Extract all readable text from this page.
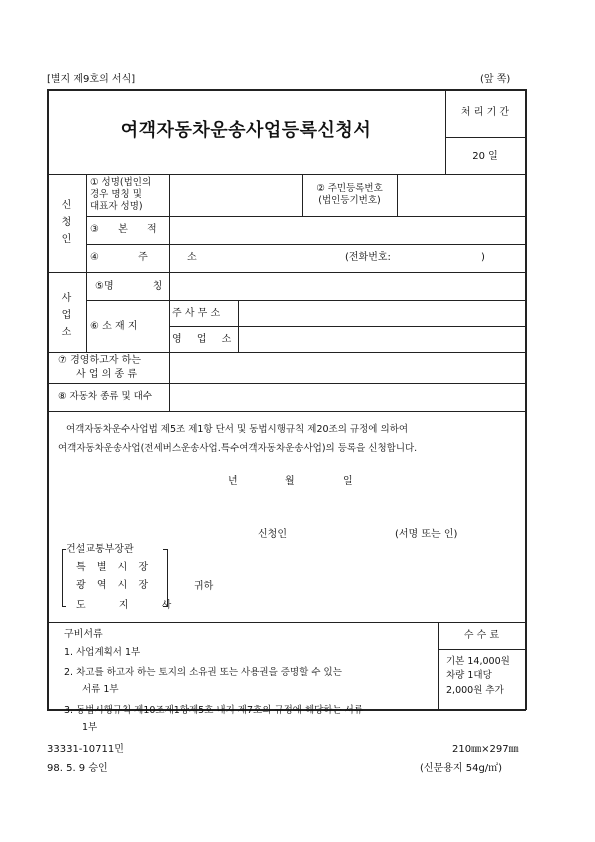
[별지 제9호의 서식]	(앞 쪽)
여객자동차운송사업등록신청서
처 리 기 간
20 일
신
청
인
① 성명(법인의
경우 명칭 및
대표자 성명)
② 주민등록번호
(법인등기번호)
③ 본 적
④ 주 소	(전화번호:	)
사
업
소
⑤명 칭
⑥ 소 재 지
주 사 무 소
영 업 소
⑦ 경영하고자 하는
사 업 의 종 류
⑧ 자동차 종류 및 대수
여객자동차운수사업법 제5조 제1항 단서 및 동법시행규칙 제20조의 규정에 의하여
여객자동차운송사업(전세버스운송사업․특수여객자동차운송사업)의 등록을 신청합니다.
년	월	일
신청인	(서명 또는 인)
건설교통부장관
특 별 시 장
광 역 시 장
도 지 사
귀하
구비서류
1. 사업계획서 1부
2. 차고를 하고자 하는 토지의 소유권 또는 사용권을 증명할 수 있는
서류 1부
3. 동법시행규칙 제10조제1항제5호 내지 제7호의 규정에 해당하는 서류
1부
수 수 료
기본 14,000원
차량 1대당
2,000원 추가
33331-10711민
98. 5. 9 승인
210㎜×297㎜
(신문용지 54g/㎡)
